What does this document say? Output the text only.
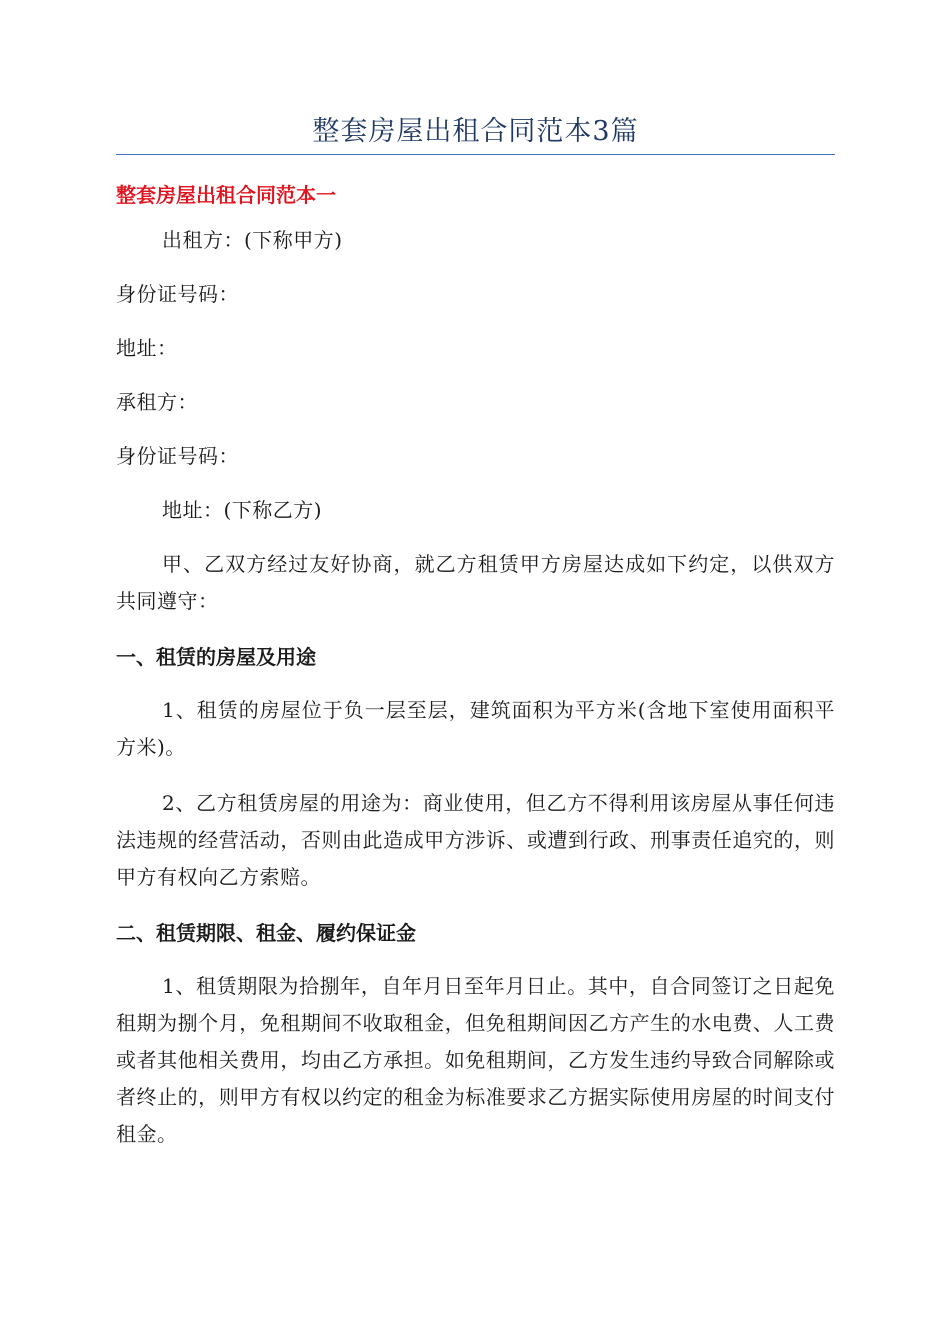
整套房屋出租合同范本3篇
整套房屋出租合同范本一
出租方：(下称甲方)
身份证号码：
地址：
承租方：
身份证号码：
地址：(下称乙方)
甲、乙双方经过友好协商，就乙方租赁甲方房屋达成如下约定，以供双方共同遵守：
一、租赁的房屋及用途
1、租赁的房屋位于负一层至层，建筑面积为平方米(含地下室使用面积平方米)。
2、乙方租赁房屋的用途为：商业使用，但乙方不得利用该房屋从事任何违法违规的经营活动，否则由此造成甲方涉诉、或遭到行政、刑事责任追究的，则甲方有权向乙方索赔。
二、租赁期限、租金、履约保证金
1、租赁期限为拾捌年，自年月日至年月日止。其中，自合同签订之日起免租期为捌个月，免租期间不收取租金，但免租期间因乙方产生的水电费、人工费或者其他相关费用，均由乙方承担。如免租期间，乙方发生违约导致合同解除或者终止的，则甲方有权以约定的租金为标准要求乙方据实际使用房屋的时间支付租金。
